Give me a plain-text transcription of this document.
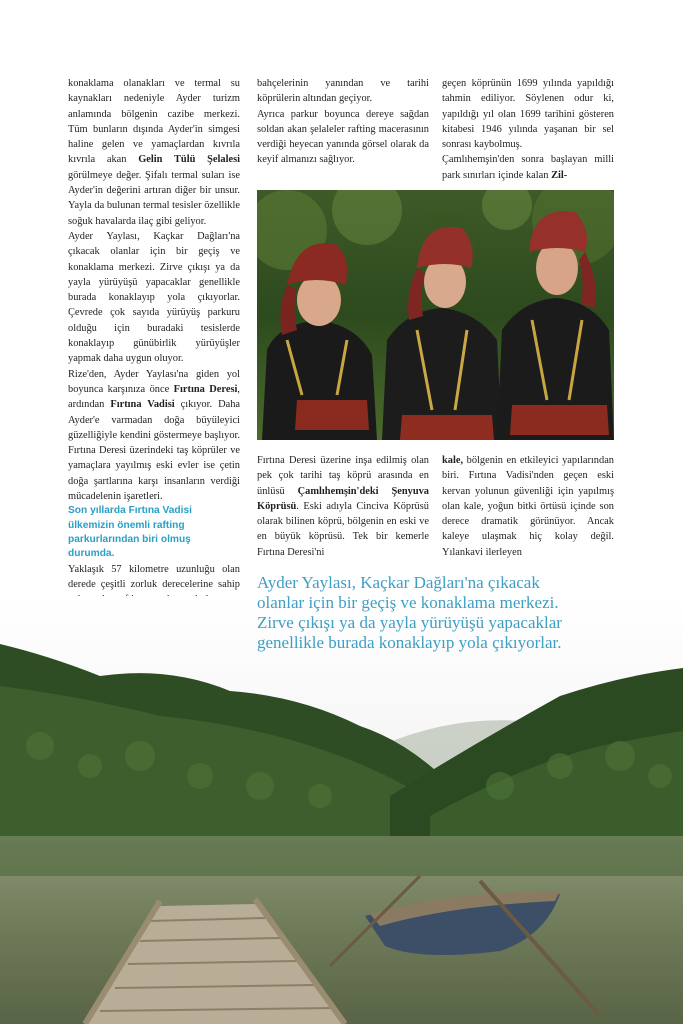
konaklama olanakları ve termal su kaynakları nedeniyle Ayder turizm anlamında bölgenin cazibe merkezi. Tüm bunların dışında Ayder'in simgesi haline gelen ve yamaçlardan kıvrıla kıvrıla akan Gelin Tülü Şelalesi görülmeye değer. Şifalı termal suları ise Ayder'in değerini artıran diğer bir unsur. Yayla da bulunan termal tesisler özellikle soğuk havalarda ilaç gibi geliyor.

Ayder Yaylası, Kaçkar Dağları'na çıkacak olanlar için bir geçiş ve konaklama merkezi. Zirve çıkışı ya da yayla yürüyüşü yapacaklar genellikle burada konaklayıp yola çıkıyorlar. Çevrede çok sayıda yürüyüş parkuru olduğu için buradaki tesislerde konaklayıp günübirlik yürüyüşler yapmak daha uygun oluyor.

Rize'den, Ayder Yaylası'na giden yol boyunca karşınıza önce Fırtına Deresi, ardından Fırtına Vadisi çıkıyor. Daha Ayder'e varmadan doğa büyüleyici güzelliğiyle kendini göstermeye başlıyor. Fırtına Deresi üzerindeki taş köprüler ve yamaçlara yayılmış eski evler ise çetin doğa şartlarına karşı insanların verdiği mücadelenin işaretleri.

Son yıllarda Fırtına Vadisi ülkemizin önemli rafting parkurlarından biri olmuş durumda.

Yaklaşık 57 kilometre uzunluğu olan derede çeşitli zorluk derecelerine sahip

bahçelerinin yanından ve tarihi köprülerin altından geçiyor.

Ayrıca parkur boyunca dereye sağdan soldan akan şelaleler rafting macerasının verdiği heyecan yanında görsel olarak da keyif almanızı sağlıyor.

geçen köprünün 1699 yılında yapıldığı tahmin ediliyor. Söylenen odur ki, yapıldığı yıl olan 1699 tarihini gösteren kitabesi 1946 yılında yaşanan bir sel sonrası kaybolmuş.

Çamlıhemşin'den sonra başlayan milli park sınırları içinde kalan Zil-

Fırtına Deresi üzerine inşa edilmiş olan pek çok tarihi taş köprü arasında en ünlüsü Çamlıhemşin'deki Şenyuva Köprüsü. Eski adıyla Cinciva Köprüsü olarak bilinen köprü, bölgenin en eski ve en büyük köprüsü. Tek bir kemerle Fırtına Deresi'ni

kale, bölgenin en etkileyici yapılarından biri. Fırtına Vadisi'nden geçen eski kervan yolunun güvenliği için yapılmış olan kale, yoğun bitki örtüsü içinde son derece dramatik görünüyor. Ancak kaleye ulaşmak hiç kolay değil. Yılankavi ilerleyen

Ayder Yaylası, Kaçkar Dağları'na çıkacak olanlar için bir geçiş ve konaklama merkezi. Zirve çıkışı ya da yayla yürüyüşü yapacaklar genellikle burada konaklayıp yola çıkıyorlar.
